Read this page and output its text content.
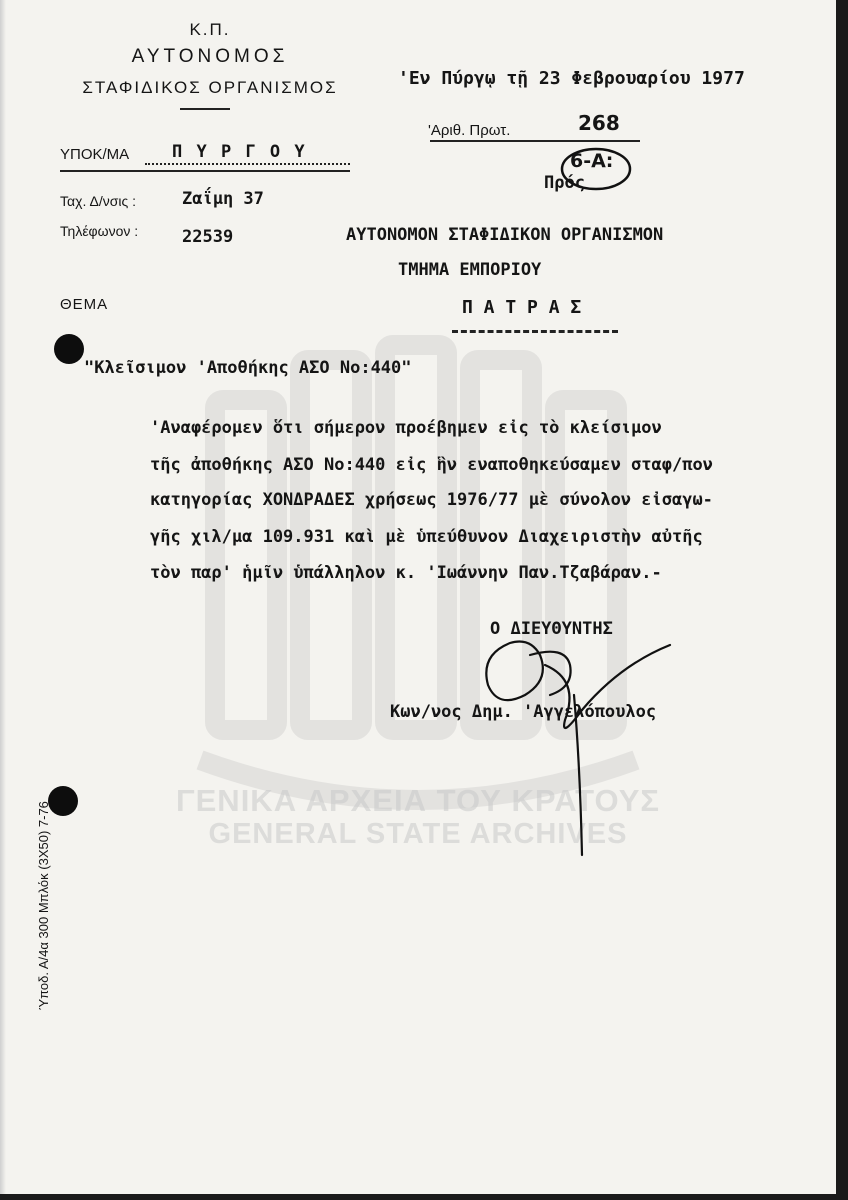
ΓΕΝΙΚΑ ΑΡΧΕΙΑ ΤΟΥ ΚΡΑΤΟΥΣ
GENERAL STATE ARCHIVES
Κ.Π.
ΑΥΤΟΝΟΜΟΣ
ΣΤΑΦΙΔΙΚΟΣ ΟΡΓΑΝΙΣΜΟΣ
ΥΠΟΚ/ΜΑ	Π Υ Ρ Γ Ο Υ
Ταχ. Δ/νσις :	Ζαΐμη 37
Τηλέφωνον :	22539
ΘΕΜΑ
'Εν Πύργῳ τῇ 23 Φεβρουαρίου 1977
'Αριθ. Πρωτ.	268
6-Α:
Πρός
ΑΥΤΟΝΟΜΟΝ ΣΤΑΦΙΔΙΚΟΝ ΟΡΓΑΝΙΣΜΟΝ
ΤΜΗΜΑ ΕΜΠΟΡΙΟΥ
Π Α Τ Ρ Α Σ
"Κλεῖσιμον 'Αποθήκης ΑΣΟ Νο:440"
'Αναφέρομεν ὅτι σήμερον προέβημεν εἰς τὸ κλείσιμον
τῆς ἀποθήκης ΑΣΟ Νο:440 εἰς ἣν εναποθηκεύσαμεν σταφ/πον
κατηγορίας ΧΟΝΔΡΑΔΕΣ χρήσεως 1976/77 μὲ σύνολον εἰσαγω-
γῆς χιλ/μα 109.931 καὶ μὲ ὑπεύθυνον Διαχειριστὴν αὐτῆς
τὸν παρ' ἡμῖν ὑπάλληλον κ. 'Ιωάννην Παν.Τζαβάραν.-
Ο ΔΙΕΥΘΥΝΤΗΣ
Κων/νος Δημ. 'Αγγελόπουλος
Ύποδ. Α/4α 300 Μπλόκ (3Χ50) 7-76
